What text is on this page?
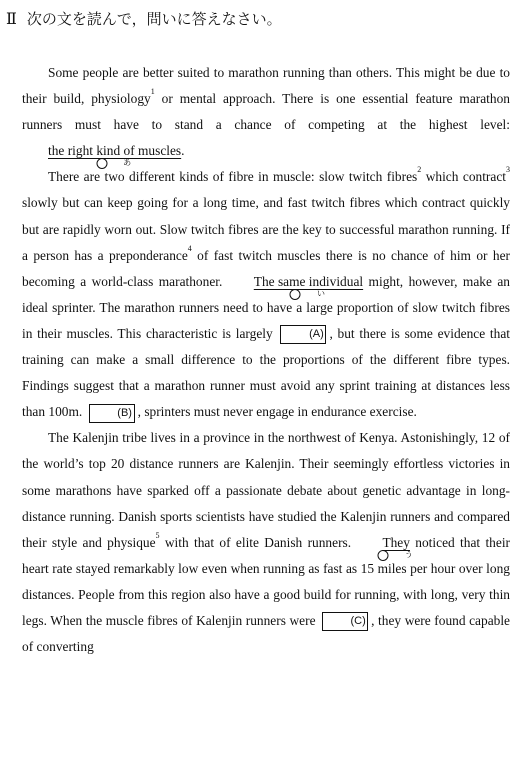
Ⅱ 次の文を読んで，問いに答えなさい。

Some people are better suited to marathon running than others. This might be due to their build, physiology$^1$ or mental approach. There is one essential feature marathon runners must have to stand a chance of competing at the highest level: the right kind of muscles
あ
.

There are two different kinds of fibre in muscle: slow twitch fibres$^2$ which contract$^3$ slowly but can keep going for a long time, and fast twitch fibres which contract quickly but are rapidly worn out. Slow twitch fibres are the key to successful marathon running. If a person has a preponderance$^4$ of fast twitch muscles there is no chance of him or her becoming a world-class marathoner. The same individual
い
might, however, make an ideal sprinter. The marathon runners need to have a large proportion of slow twitch fibres in their muscles. This characteristic is largely	(A) , but there is some evidence that training can make a small difference to the proportions of the different fibre types. Findings suggest that a marathon runner must avoid any sprint training at distances less than 100m.	(B) , sprinters must never engage in endurance exercise.

The Kalenjin tribe lives in a province in the northwest of Kenya. Astonishingly, 12 of the world’s top 20 distance runners are Kalenjin. Their seemingly effortless victories in some marathons have sparked off a passionate debate about genetic advantage in long-distance running. Danish sports scientists have studied the Kalenjin runners and compared their style and physique$^5$ with that of elite Danish runners. They
う
noticed that their heart rate stayed remarkably low even when running as fast as 15 miles per hour over long distances. People from this region also have a good build for running, with long, very thin legs. When the muscle fibres of Kalenjin runners were	(C) , they were found capable of converting
